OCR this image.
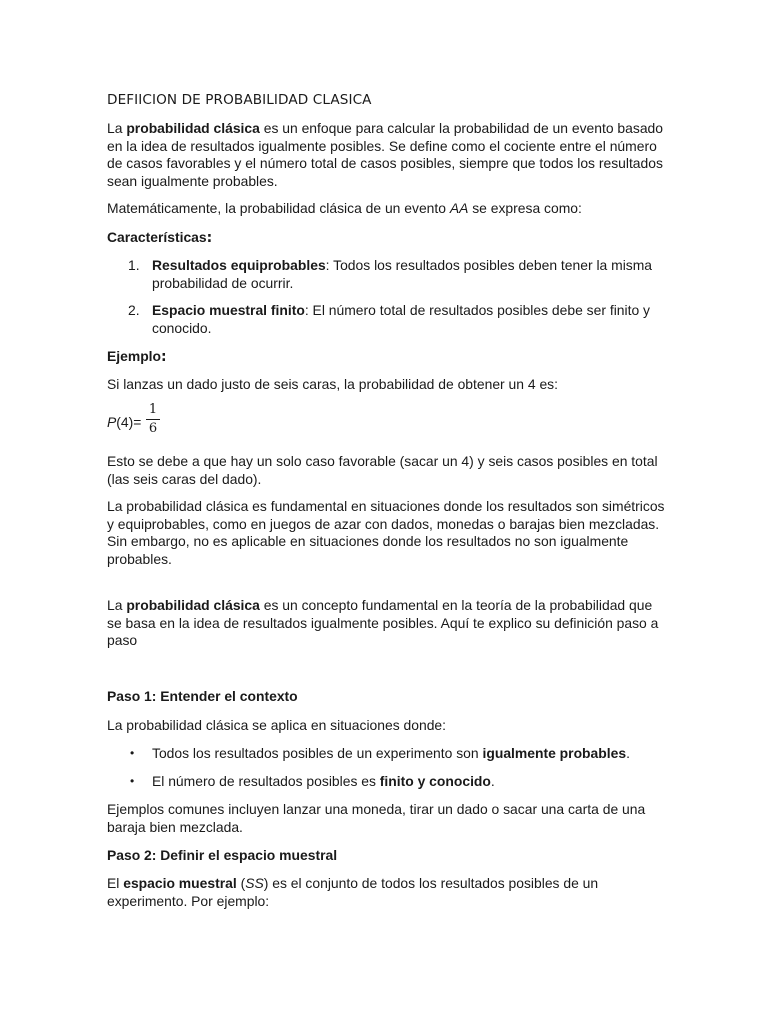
DEFIICION DE PROBABILIDAD CLASICA

La probabilidad clásica es un enfoque para calcular la probabilidad de un evento basado
en la idea de resultados igualmente posibles. Se define como el cociente entre el número
de casos favorables y el número total de casos posibles, siempre que todos los resultados
sean igualmente probables.

Matemáticamente, la probabilidad clásica de un evento AA se expresa como:

Características:

1. Resultados equiprobables: Todos los resultados posibles deben tener la misma
probabilidad de ocurrir.
2. Espacio muestral finito: El número total de resultados posibles debe ser finito y
conocido.

Ejemplo:

Si lanzas un dado justo de seis caras, la probabilidad de obtener un 4 es:

P(4)=
1
6

Esto se debe a que hay un solo caso favorable (sacar un 4) y seis casos posibles en total
(las seis caras del dado).

La probabilidad clásica es fundamental en situaciones donde los resultados son simétricos
y equiprobables, como en juegos de azar con dados, monedas o barajas bien mezcladas.
Sin embargo, no es aplicable en situaciones donde los resultados no son igualmente
probables.

La probabilidad clásica es un concepto fundamental en la teoría de la probabilidad que
se basa en la idea de resultados igualmente posibles. Aquí te explico su definición paso a
paso

Paso 1: Entender el contexto

La probabilidad clásica se aplica en situaciones donde:

•	Todos los resultados posibles de un experimento son igualmente probables.
•	El número de resultados posibles es finito y conocido.

Ejemplos comunes incluyen lanzar una moneda, tirar un dado o sacar una carta de una
baraja bien mezclada.

Paso 2: Definir el espacio muestral

El espacio muestral (SS) es el conjunto de todos los resultados posibles de un
experimento. Por ejemplo:
